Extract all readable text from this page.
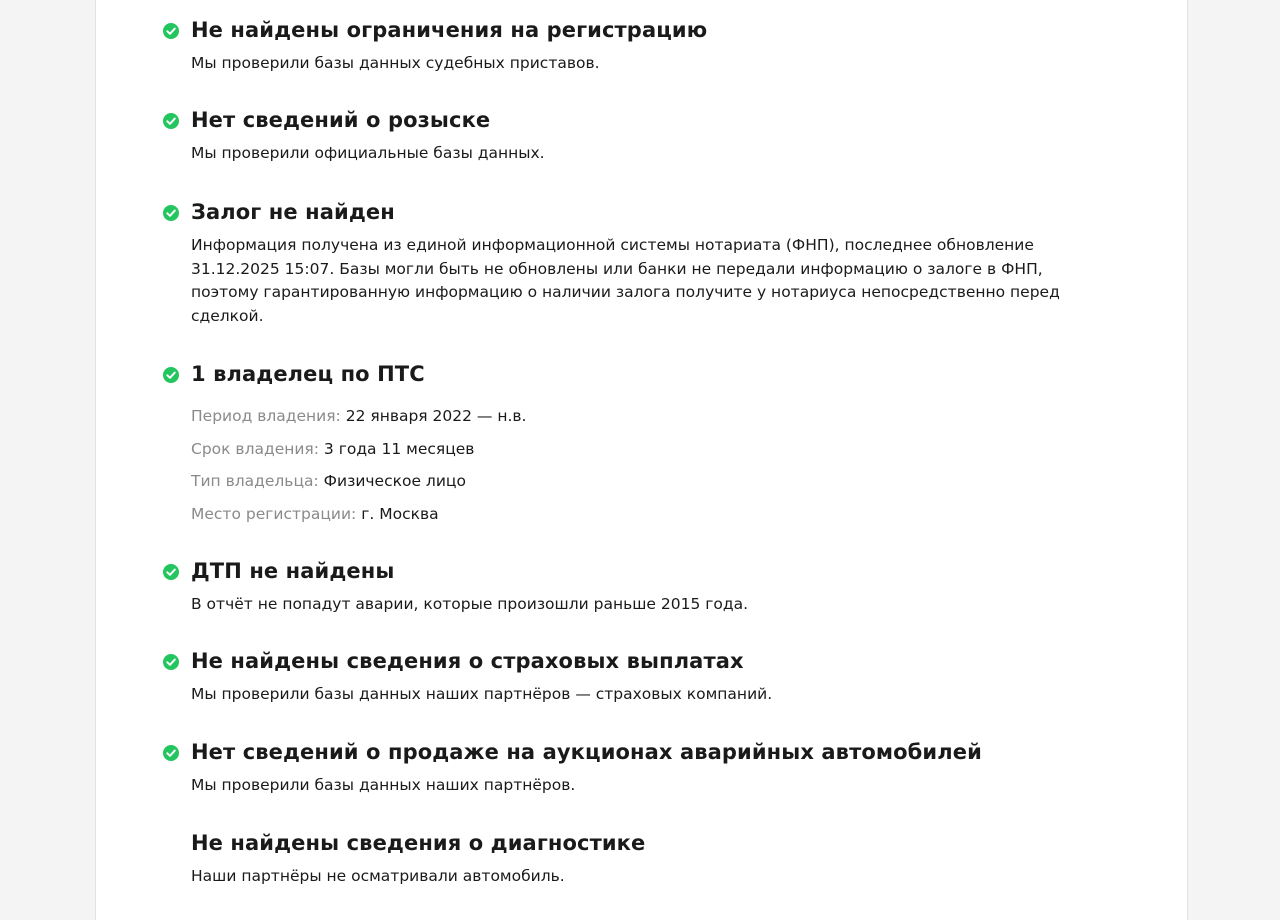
Не найдены ограничения на регистрацию
Мы проверили базы данных судебных приставов.
Нет сведений о розыске
Мы проверили официальные базы данных.
Залог не найден
Информация получена из единой информационной системы нотариата (ФНП), последнее обновление 31.12.2025 15:07. Базы могли быть не обновлены или банки не передали информацию о залоге в ФНП, поэтому гарантированную информацию о наличии залога получите у нотариуса непосредственно перед сделкой.
1 владелец по ПТС
Период владения: 22 января 2022 — н.в.
Срок владения: 3 года 11 месяцев
Тип владельца: Физическое лицо
Место регистрации: г. Москва
ДТП не найдены
В отчёт не попадут аварии, которые произошли раньше 2015 года.
Не найдены сведения о страховых выплатах
Мы проверили базы данных наших партнёров — страховых компаний.
Нет сведений о продаже на аукционах аварийных автомобилей
Мы проверили базы данных наших партнёров.
Не найдены сведения о диагностике
Наши партнёры не осматривали автомобиль.
